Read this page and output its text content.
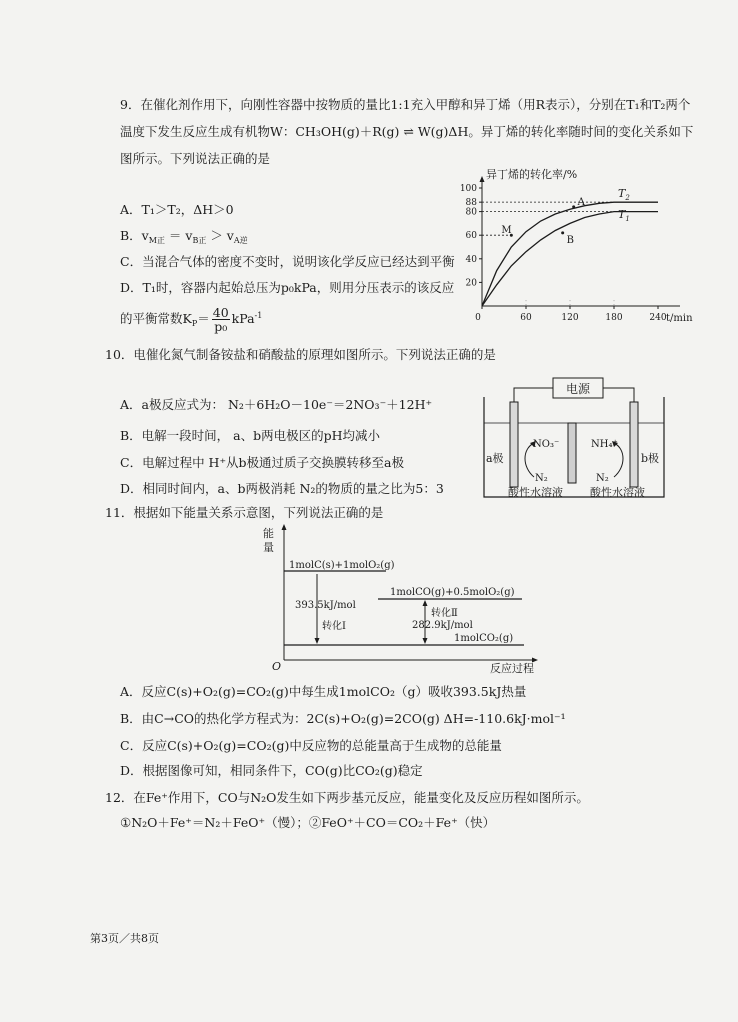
9．在催化剂作用下，向刚性容器中按物质的量比1:1充入甲醇和异丁烯（用R表示），分别在T₁和T₂两个
温度下发生反应生成有机物W：CH₃OH(g)＋R(g) ⇌ W(g)ΔH。异丁烯的转化率随时间的变化关系如下
图所示。下列说法正确的是
A．T₁＞T₂，ΔH＞0
B．$v_{M正} = v_{B正} > v_{A逆}$
C．当混合气体的密度不变时，说明该化学反应已经达到平衡
D．T₁时，容器内起始总压为p₀kPa，则用分压表示的该反应
的平衡常数$K_P= \frac{40}{\text{p₀}} kPa^{-1}$
异丁烯的转化率/%
100
88
80
60
40
20
0	60	120	180	240
M
A
B
$T_2$
$T_1$
t/min
10．电催化氮气制备铵盐和硝酸盐的原理如图所示。下列说法正确的是
A．a极反应式为： N₂＋6H₂O－10e⁻＝2NO₃⁻＋12H⁺
B．电解一段时间， a、b两电极区的pH均减小
C．电解过程中 H⁺从b极通过质子交换膜转移至a极
D．相同时间内，a、b两极消耗 N₂的物质的量之比为5：3
电源
a极	b极
NO₃⁻
N₂
NH₄⁺
N₂
酸性水溶液 酸性水溶液
11．根据如下能量关系示意图，下列说法正确的是
能
量
O	反应过程
1molC(s)+1molO₂(g)
1molCO(g)+0.5molO₂(g)
1molCO₂(g)
393.5kJ/mol
转化Ⅰ
转化Ⅱ
282.9kJ/mol
A．反应C(s)+O₂(g)=CO₂(g)中每生成1molCO₂（g）吸收393.5kJ热量
B．由C→CO的热化学方程式为：2C(s)+O₂(g)=2CO(g) ΔH=-110.6kJ·mol⁻¹
C．反应C(s)+O₂(g)=CO₂(g)中反应物的总能量高于生成物的总能量
D．根据图像可知，相同条件下，CO(g)比CO₂(g)稳定
12．在Fe⁺作用下，CO与N₂O发生如下两步基元反应，能量变化及反应历程如图所示。
①N₂O＋Fe⁺＝N₂＋FeO⁺（慢）；②FeO⁺＋CO＝CO₂＋Fe⁺（快）
第3页／共8页
